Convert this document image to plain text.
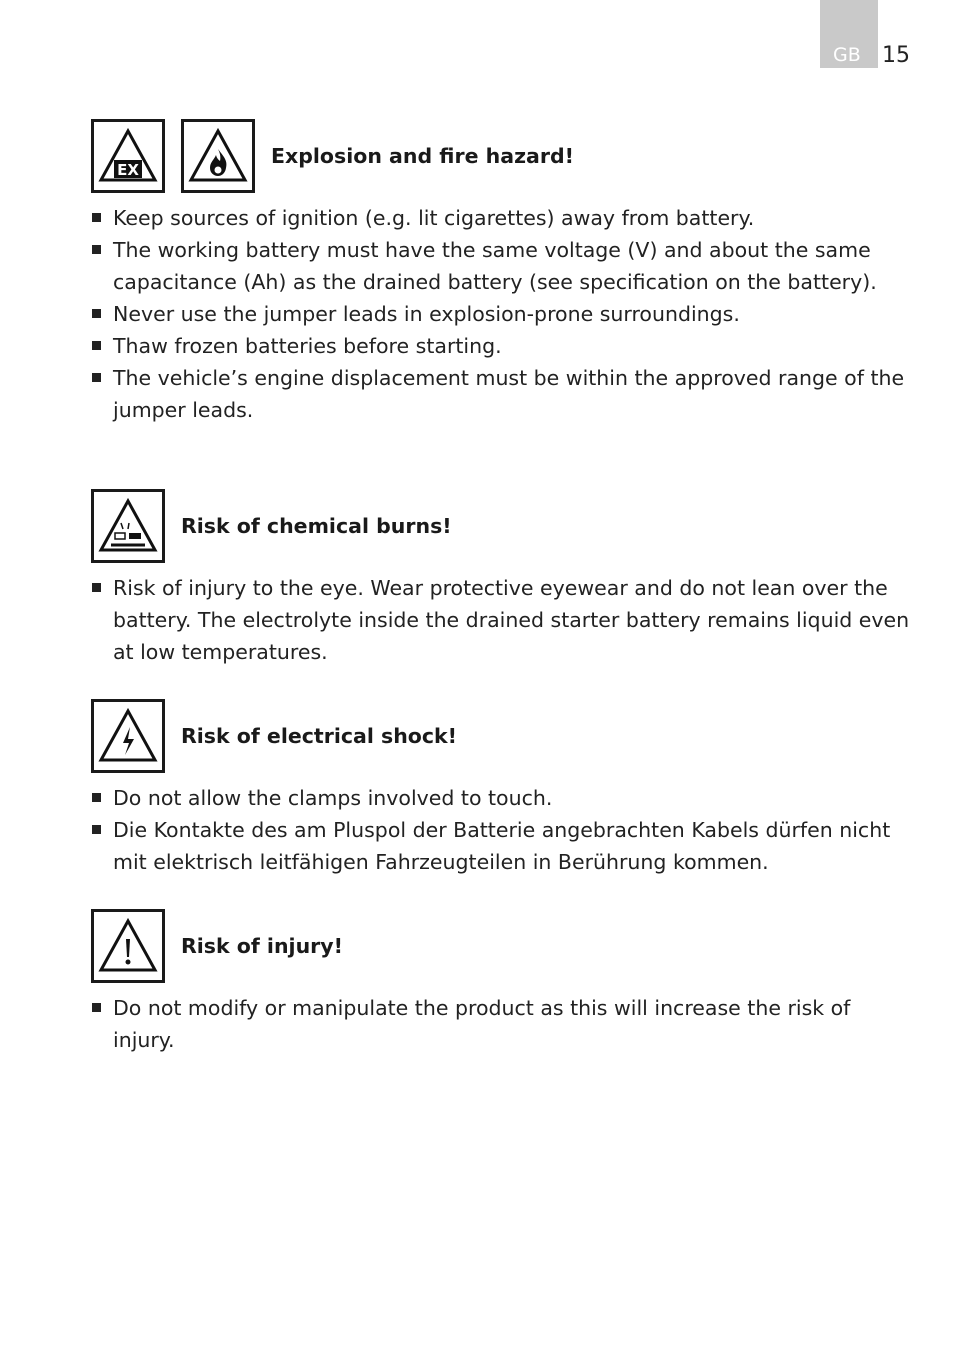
GB 15
EX
Explosion and fire hazard!
Keep sources of ignition (e.g. lit cigarettes) away from battery.
The working battery must have the same voltage (V) and about the same capacitance (Ah) as the drained battery (see specification on the battery).
Never use the jumper leads in explosion-prone surroundings.
Thaw frozen batteries before starting.
The vehicle’s engine displacement must be within the approved range of the jumper leads.
Risk of chemical burns!
Risk of injury to the eye. Wear protective eyewear and do not lean over the battery. The electrolyte inside the drained starter battery remains liquid even at low temperatures.
Risk of electrical shock!
Do not allow the clamps involved to touch.
Die Kontakte des am Pluspol der Batterie angebrachten Kabels dürfen nicht mit elektrisch leitfähigen Fahrzeugteilen in Berührung kommen.
Risk of injury!
Do not modify or manipulate the product as this will increase the risk of injury.
